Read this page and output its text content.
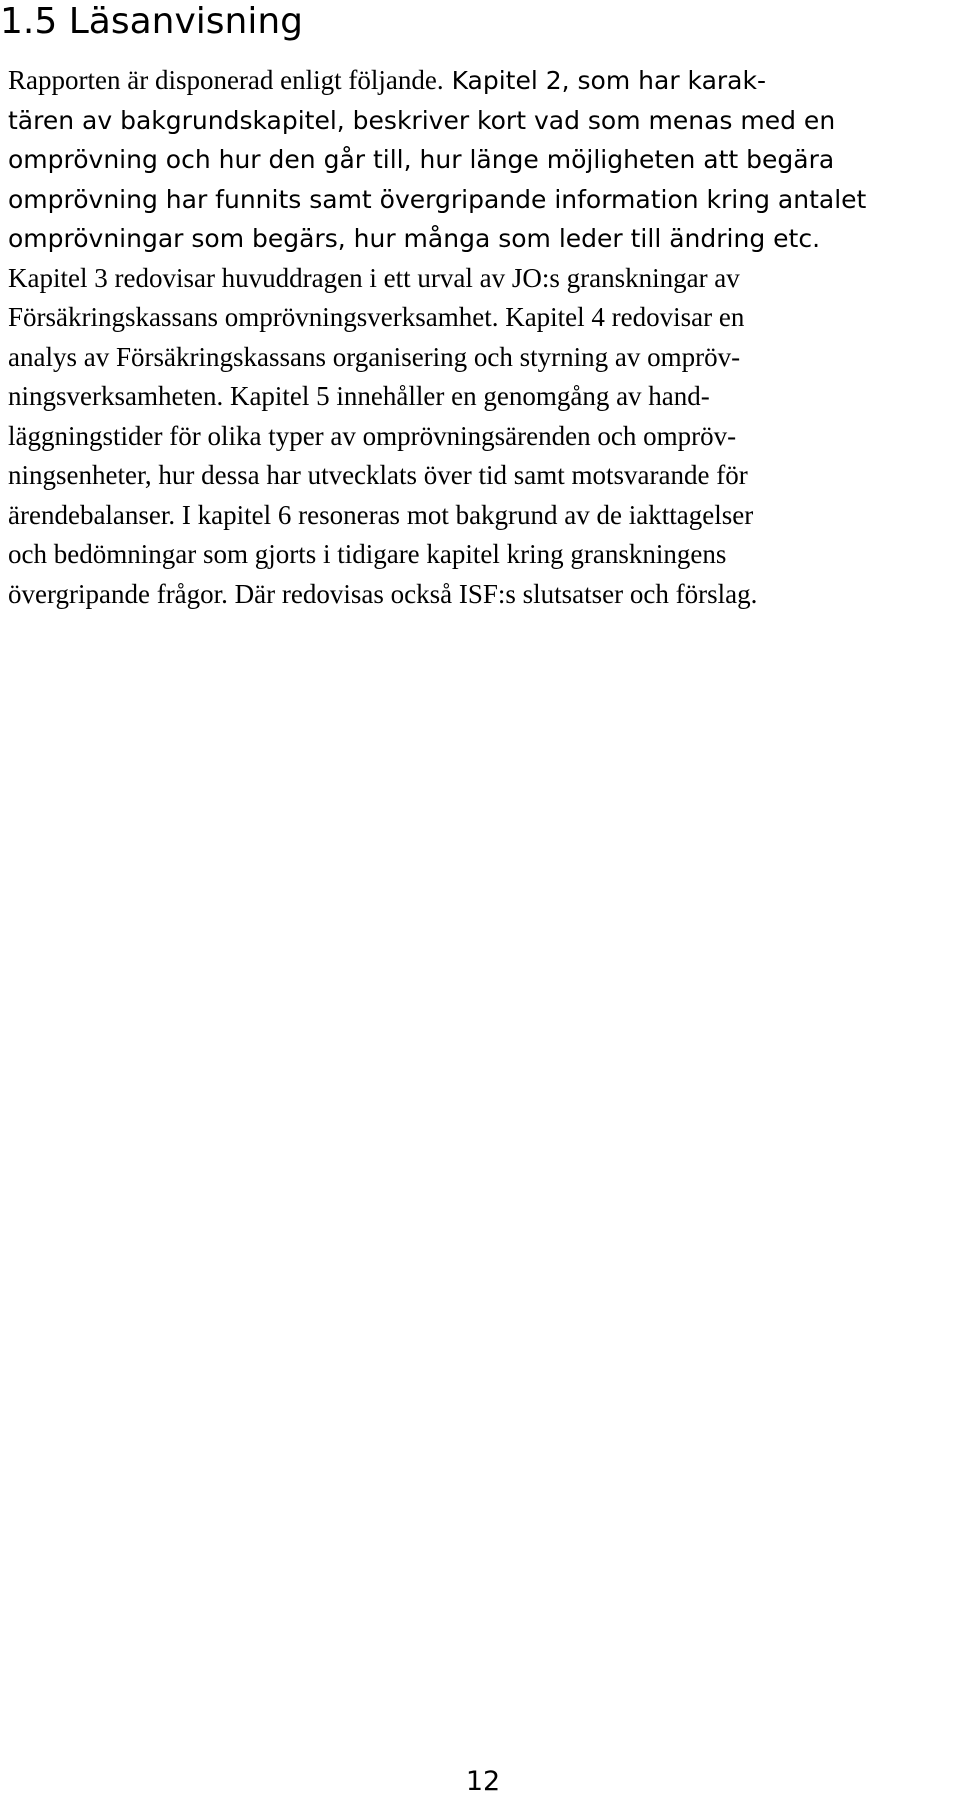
1.5 Läsanvisning
Rapporten är disponerad enligt följande. Kapitel 2, som har karak-
tären av bakgrundskapitel, beskriver kort vad som menas med en
omprövning och hur den går till, hur länge möjligheten att begära
omprövning har funnits samt övergripande information kring antalet
omprövningar som begärs, hur många som leder till ändring etc.
Kapitel 3 redovisar huvuddragen i ett urval av JO:s granskningar av
Försäkringskassans omprövningsverksamhet. Kapitel 4 redovisar en
analys av Försäkringskassans organisering och styrning av ompröv-
ningsverksamheten. Kapitel 5 innehåller en genomgång av hand-
läggningstider för olika typer av omprövningsärenden och ompröv-
ningsenheter, hur dessa har utvecklats över tid samt motsvarande för
ärendebalanser. I kapitel 6 resoneras mot bakgrund av de iakttagelser
och bedömningar som gjorts i tidigare kapitel kring granskningens
övergripande frågor. Där redovisas också ISF:s slutsatser och förslag.
12
